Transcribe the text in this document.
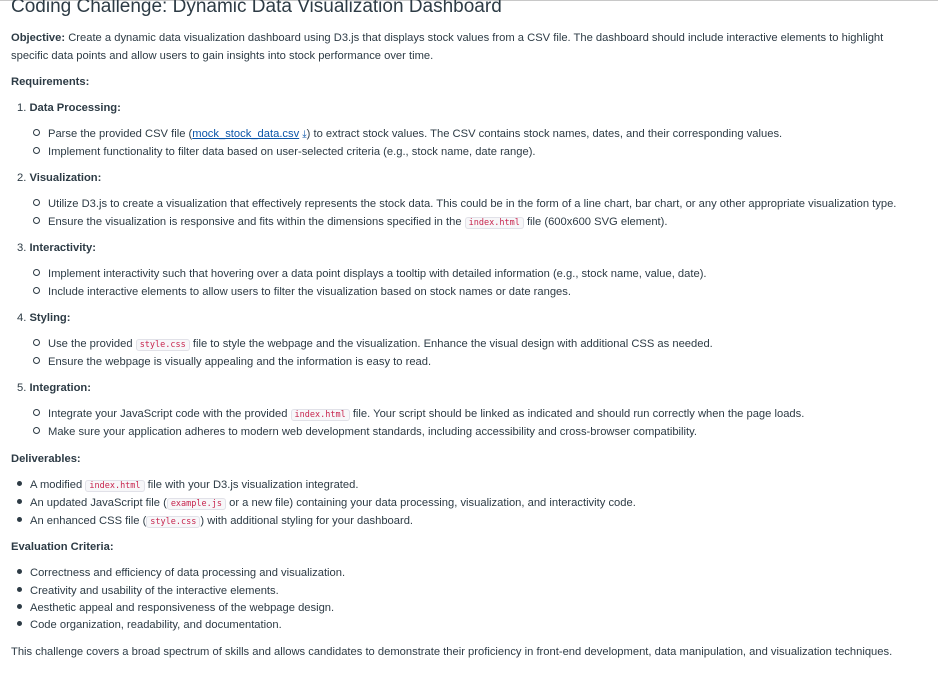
Coding Challenge: Dynamic Data Visualization Dashboard
Objective: Create a dynamic data visualization dashboard using D3.js that displays stock values from a CSV file. The dashboard should include interactive elements to highlight
specific data points and allow users to gain insights into stock performance over time.
Requirements:
1. Data Processing:
Parse the provided CSV file (mock_stock_data.csv ⤓) to extract stock values. The CSV contains stock names, dates, and their corresponding values.
Implement functionality to filter data based on user-selected criteria (e.g., stock name, date range).
2. Visualization:
Utilize D3.js to create a visualization that effectively represents the stock data. This could be in the form of a line chart, bar chart, or any other appropriate visualization type.
Ensure the visualization is responsive and fits within the dimensions specified in the index.html file (600x600 SVG element).
3. Interactivity:
Implement interactivity such that hovering over a data point displays a tooltip with detailed information (e.g., stock name, value, date).
Include interactive elements to allow users to filter the visualization based on stock names or date ranges.
4. Styling:
Use the provided style.css file to style the webpage and the visualization. Enhance the visual design with additional CSS as needed.
Ensure the webpage is visually appealing and the information is easy to read.
5. Integration:
Integrate your JavaScript code with the provided index.html file. Your script should be linked as indicated and should run correctly when the page loads.
Make sure your application adheres to modern web development standards, including accessibility and cross-browser compatibility.
Deliverables:
A modified index.html file with your D3.js visualization integrated.
An updated JavaScript file ( example.js or a new file) containing your data processing, visualization, and interactivity code.
An enhanced CSS file ( style.css ) with additional styling for your dashboard.
Evaluation Criteria:
Correctness and efficiency of data processing and visualization.
Creativity and usability of the interactive elements.
Aesthetic appeal and responsiveness of the webpage design.
Code organization, readability, and documentation.
This challenge covers a broad spectrum of skills and allows candidates to demonstrate their proficiency in front-end development, data manipulation, and visualization techniques.
